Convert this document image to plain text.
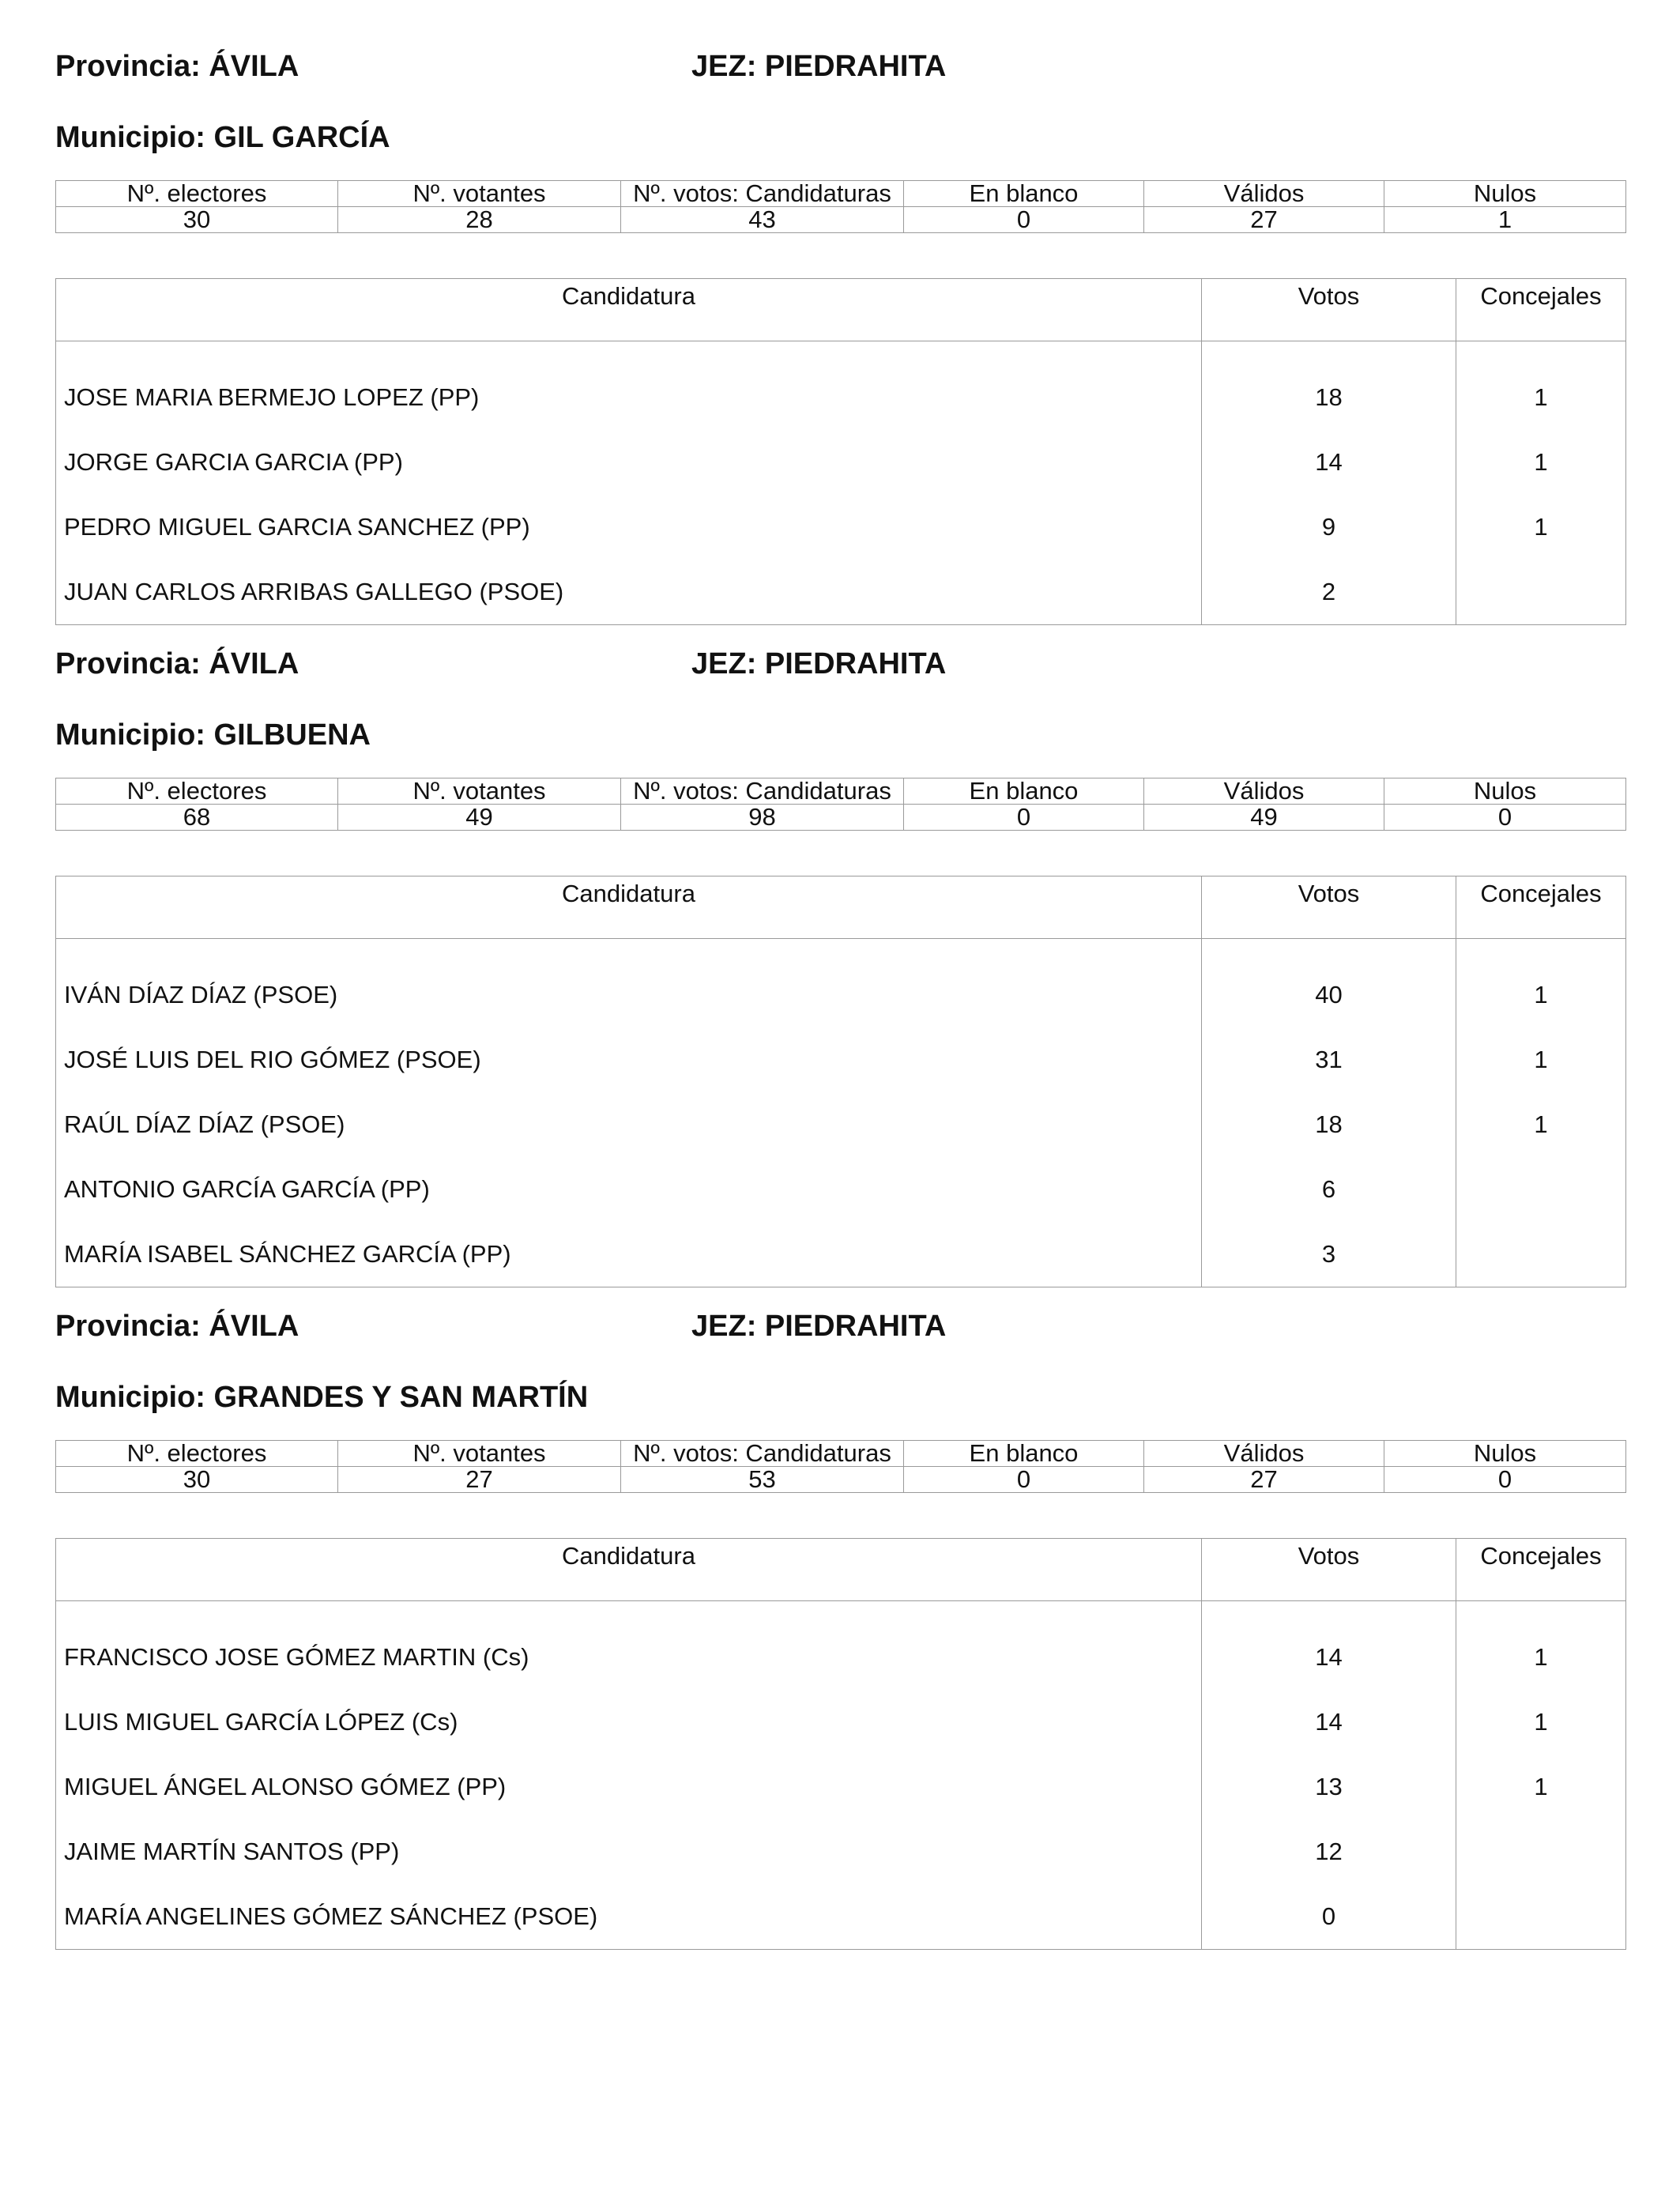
Provincia: ÁVILA	JEZ: PIEDRAHITA
Municipio: GIL GARCÍA
Nº. electores	Nº. votantes	Nº. votos: Candidaturas	En blanco	Válidos	Nulos
30	28	43	0	27	1
Candidatura	Votos	Concejales

JOSE MARIA BERMEJO LOPEZ (PP)	18	1
JORGE GARCIA GARCIA (PP)	14	1
PEDRO MIGUEL GARCIA SANCHEZ (PP)	9	1
JUAN CARLOS ARRIBAS GALLEGO (PSOE)	2	
Provincia: ÁVILA	JEZ: PIEDRAHITA
Municipio: GILBUENA
Nº. electores	Nº. votantes	Nº. votos: Candidaturas	En blanco	Válidos	Nulos
68	49	98	0	49	0
Candidatura	Votos	Concejales

IVÁN DÍAZ DÍAZ (PSOE)	40	1
JOSÉ LUIS DEL RIO GÓMEZ (PSOE)	31	1
RAÚL DÍAZ DÍAZ (PSOE)	18	1
ANTONIO GARCÍA GARCÍA (PP)	6	
MARÍA ISABEL SÁNCHEZ GARCÍA (PP)	3	
Provincia: ÁVILA	JEZ: PIEDRAHITA
Municipio: GRANDES Y SAN MARTÍN
Nº. electores	Nº. votantes	Nº. votos: Candidaturas	En blanco	Válidos	Nulos
30	27	53	0	27	0
Candidatura	Votos	Concejales

FRANCISCO JOSE GÓMEZ MARTIN (Cs)	14	1
LUIS MIGUEL GARCÍA LÓPEZ (Cs)	14	1
MIGUEL ÁNGEL ALONSO GÓMEZ (PP)	13	1
JAIME MARTÍN SANTOS (PP)	12	
MARÍA ANGELINES GÓMEZ SÁNCHEZ (PSOE)	0	
